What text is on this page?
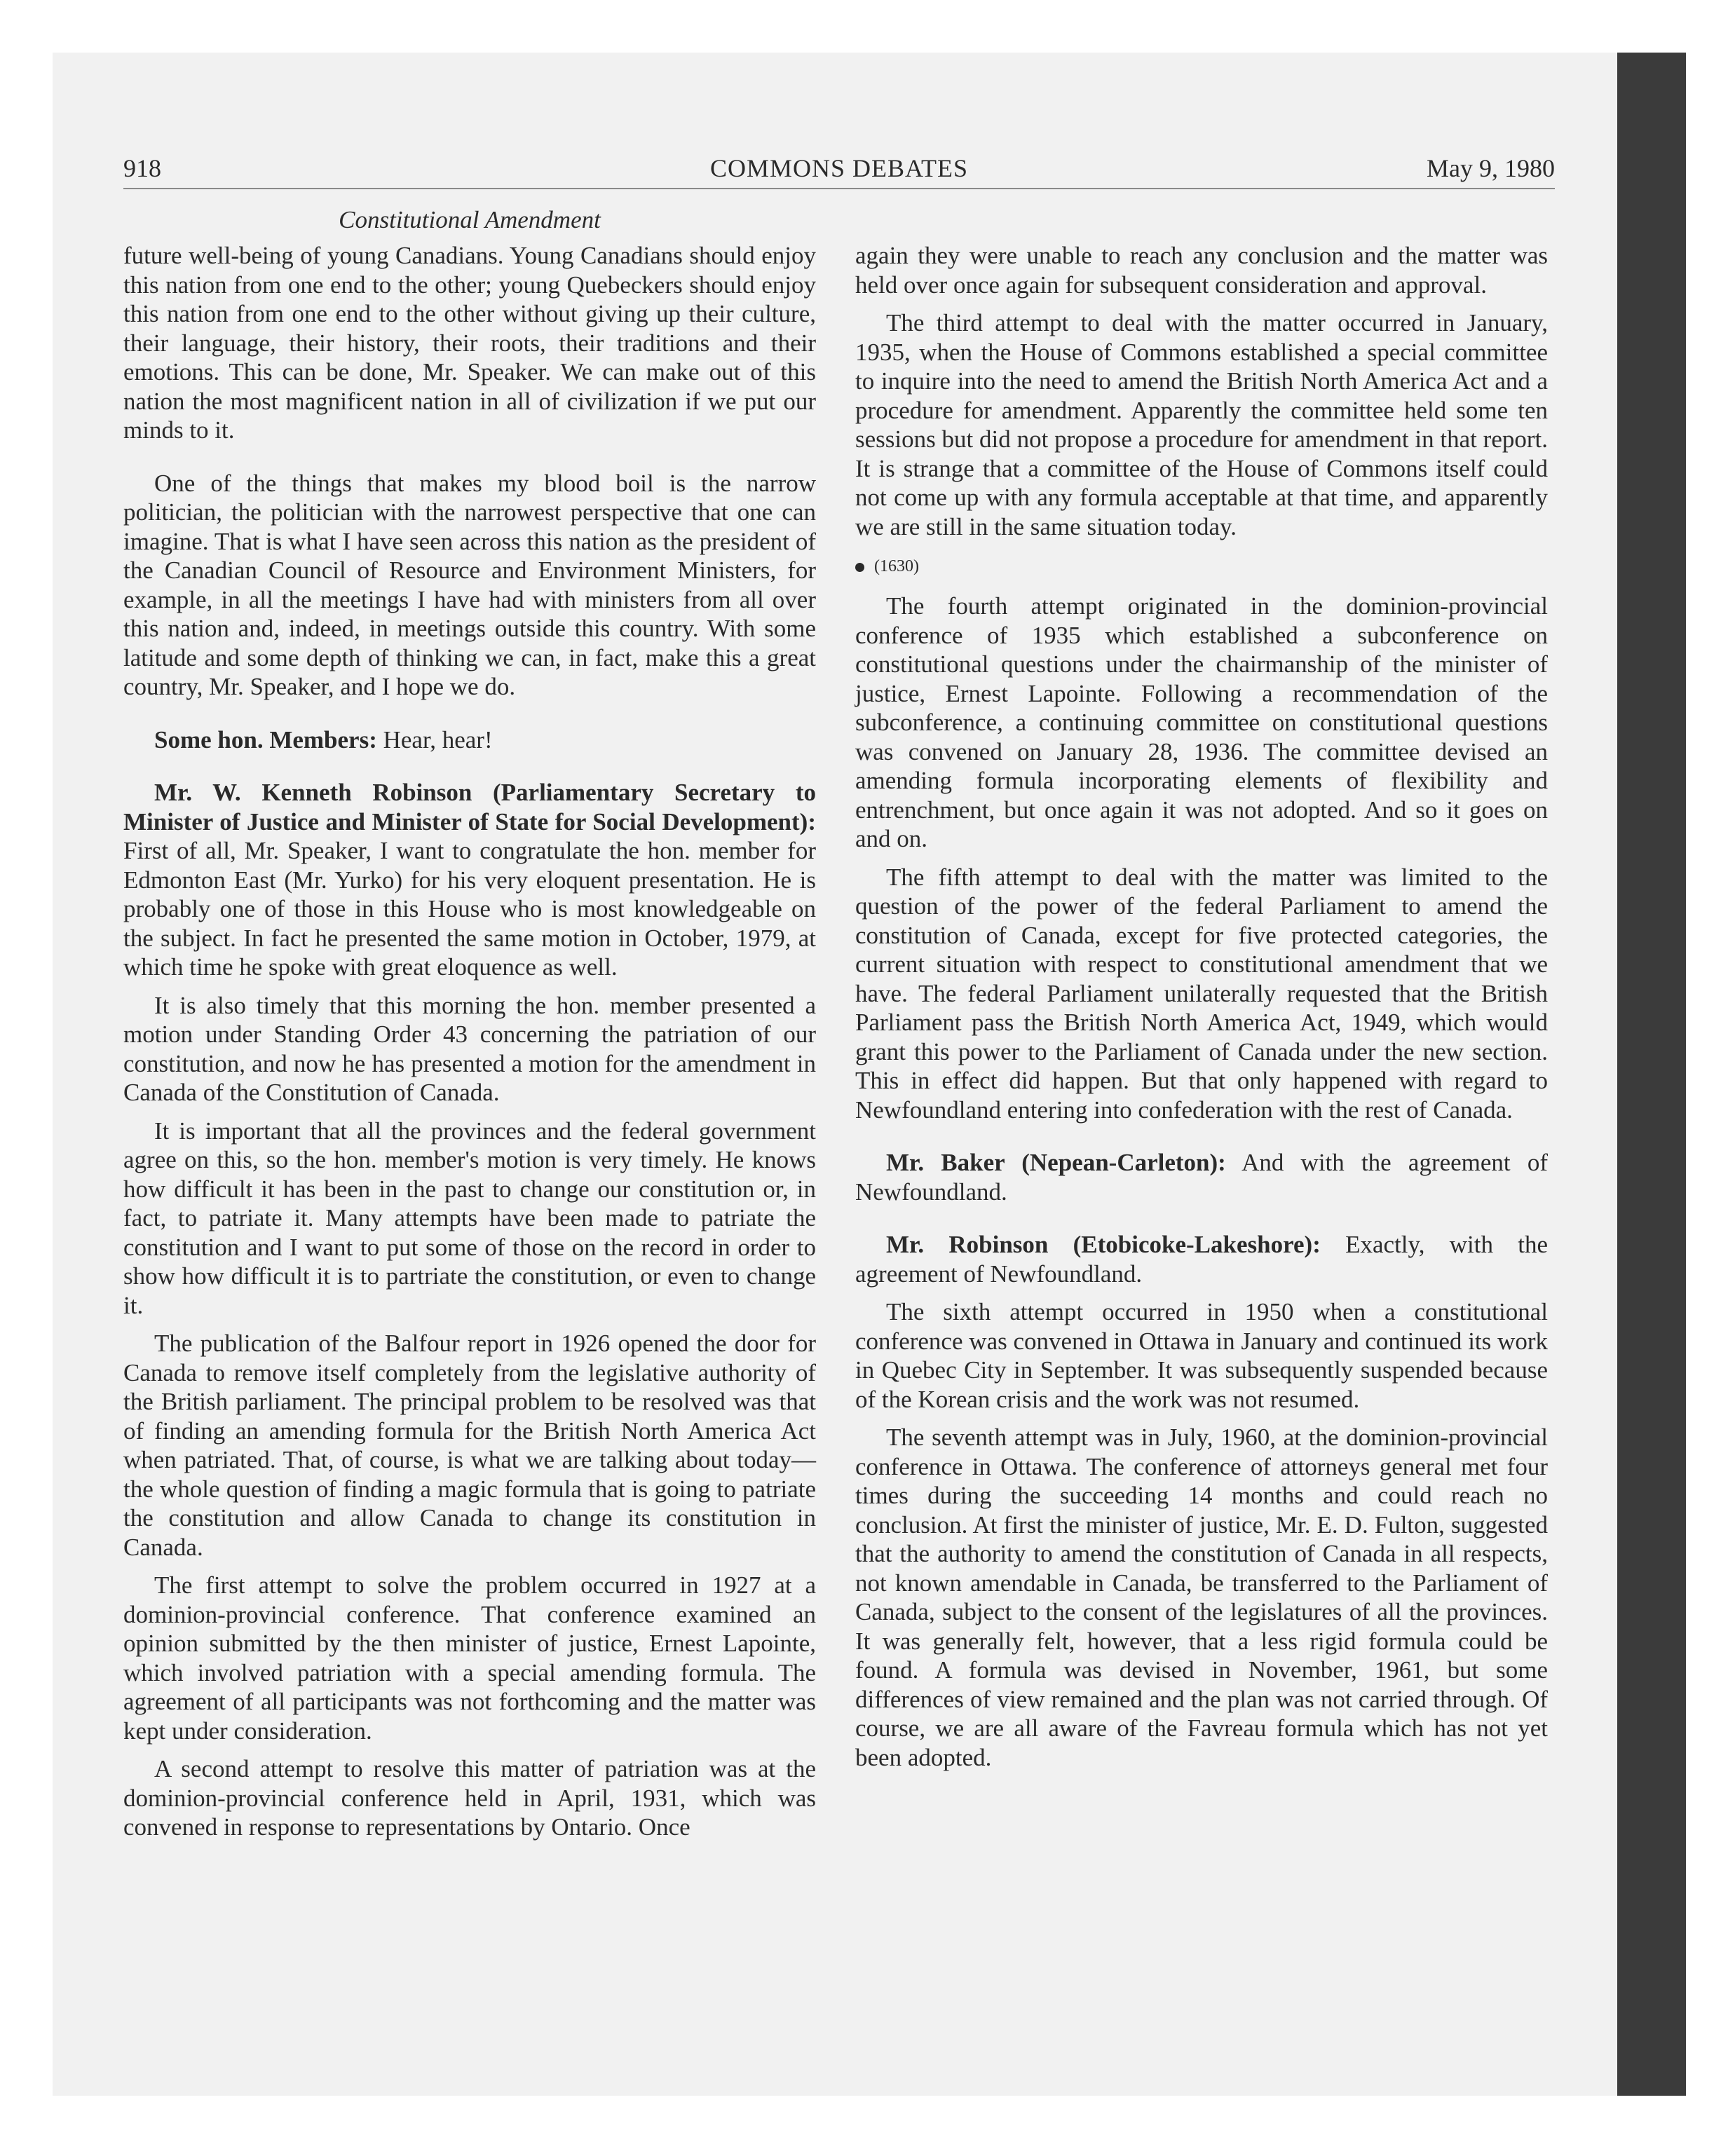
918	COMMONS DEBATES	May 9, 1980
Constitutional Amendment

future well-being of young Canadians. Young Canadians should enjoy this nation from one end to the other; young Quebeckers should enjoy this nation from one end to the other without giving up their culture, their language, their history, their roots, their traditions and their emotions. This can be done, Mr. Speaker. We can make out of this nation the most magnificent nation in all of civilization if we put our minds to it.

One of the things that makes my blood boil is the narrow politician, the politician with the narrowest perspective that one can imagine. That is what I have seen across this nation as the president of the Canadian Council of Resource and Environment Ministers, for example, in all the meetings I have had with ministers from all over this nation and, indeed, in meetings outside this country. With some latitude and some depth of thinking we can, in fact, make this a great country, Mr. Speaker, and I hope we do.

Some hon. Members: Hear, hear!

Mr. W. Kenneth Robinson (Parliamentary Secretary to Minister of Justice and Minister of State for Social Development): First of all, Mr. Speaker, I want to congratulate the hon. member for Edmonton East (Mr. Yurko) for his very eloquent presentation. He is probably one of those in this House who is most knowledgeable on the subject. In fact he presented the same motion in October, 1979, at which time he spoke with great eloquence as well.

It is also timely that this morning the hon. member presented a motion under Standing Order 43 concerning the patriation of our constitution, and now he has presented a motion for the amendment in Canada of the Constitution of Canada.

It is important that all the provinces and the federal government agree on this, so the hon. member's motion is very timely. He knows how difficult it has been in the past to change our constitution or, in fact, to patriate it. Many attempts have been made to patriate the constitution and I want to put some of those on the record in order to show how difficult it is to partriate the constitution, or even to change it.

The publication of the Balfour report in 1926 opened the door for Canada to remove itself completely from the legislative authority of the British parliament. The principal problem to be resolved was that of finding an amending formula for the British North America Act when patriated. That, of course, is what we are talking about today—the whole question of finding a magic formula that is going to patriate the constitution and allow Canada to change its constitution in Canada.

The first attempt to solve the problem occurred in 1927 at a dominion-provincial conference. That conference examined an opinion submitted by the then minister of justice, Ernest Lapointe, which involved patriation with a special amending formula. The agreement of all participants was not forthcoming and the matter was kept under consideration.

A second attempt to resolve this matter of patriation was at the dominion-provincial conference held in April, 1931, which was convened in response to representations by Ontario. Once

again they were unable to reach any conclusion and the matter was held over once again for subsequent consideration and approval.

The third attempt to deal with the matter occurred in January, 1935, when the House of Commons established a special committee to inquire into the need to amend the British North America Act and a procedure for amendment. Apparently the committee held some ten sessions but did not propose a procedure for amendment in that report. It is strange that a committee of the House of Commons itself could not come up with any formula acceptable at that time, and apparently we are still in the same situation today.

(1630)

The fourth attempt originated in the dominion-provincial conference of 1935 which established a subconference on constitutional questions under the chairmanship of the minister of justice, Ernest Lapointe. Following a recommendation of the subconference, a continuing committee on constitutional questions was convened on January 28, 1936. The committee devised an amending formula incorporating elements of flexibility and entrenchment, but once again it was not adopted. And so it goes on and on.

The fifth attempt to deal with the matter was limited to the question of the power of the federal Parliament to amend the constitution of Canada, except for five protected categories, the current situation with respect to constitutional amendment that we have. The federal Parliament unilaterally requested that the British Parliament pass the British North America Act, 1949, which would grant this power to the Parliament of Canada under the new section. This in effect did happen. But that only happened with regard to Newfoundland entering into confederation with the rest of Canada.

Mr. Baker (Nepean-Carleton): And with the agreement of Newfoundland.

Mr. Robinson (Etobicoke-Lakeshore): Exactly, with the agreement of Newfoundland.

The sixth attempt occurred in 1950 when a constitutional conference was convened in Ottawa in January and continued its work in Quebec City in September. It was subsequently suspended because of the Korean crisis and the work was not resumed.

The seventh attempt was in July, 1960, at the dominion-provincial conference in Ottawa. The conference of attorneys general met four times during the succeeding 14 months and could reach no conclusion. At first the minister of justice, Mr. E. D. Fulton, suggested that the authority to amend the constitution of Canada in all respects, not known amendable in Canada, be transferred to the Parliament of Canada, subject to the consent of the legislatures of all the provinces. It was generally felt, however, that a less rigid formula could be found. A formula was devised in November, 1961, but some differences of view remained and the plan was not carried through. Of course, we are all aware of the Favreau formula which has not yet been adopted.
